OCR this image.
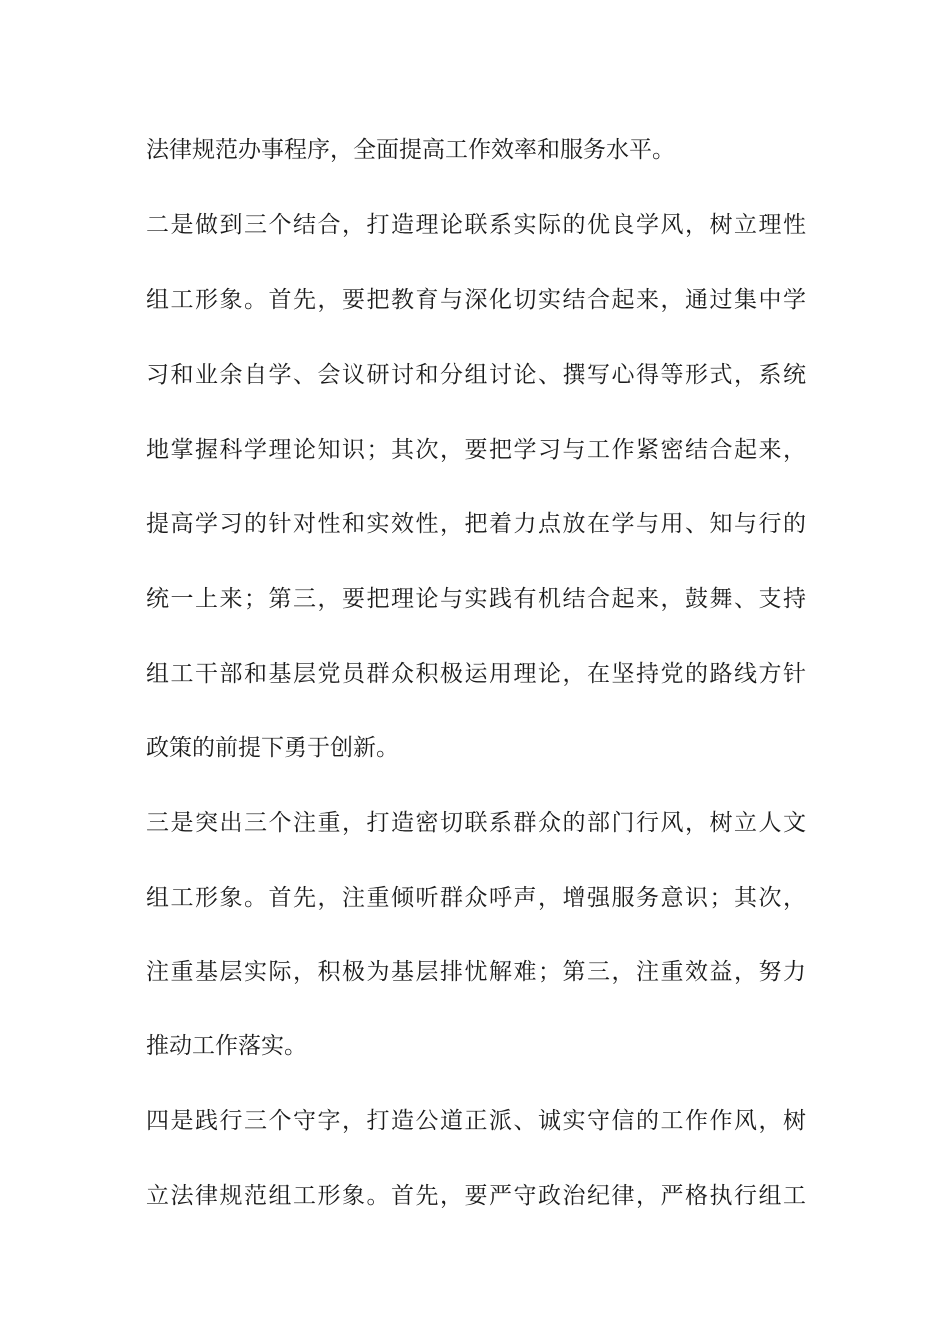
法律规范办事程序，全面提高工作效率和服务水平。
二是做到三个结合，打造理论联系实际的优良学风，树立理性
组工形象。首先，要把教育与深化切实结合起来，通过集中学
习和业余自学、会议研讨和分组讨论、撰写心得等形式，系统
地掌握科学理论知识；其次，要把学习与工作紧密结合起来，
提高学习的针对性和实效性，把着力点放在学与用、知与行的
统一上来；第三，要把理论与实践有机结合起来，鼓舞、支持
组工干部和基层党员群众积极运用理论，在坚持党的路线方针
政策的前提下勇于创新。
三是突出三个注重，打造密切联系群众的部门行风，树立人文
组工形象。首先，注重倾听群众呼声，增强服务意识；其次，
注重基层实际，积极为基层排忧解难；第三，注重效益，努力
推动工作落实。
四是践行三个守字，打造公道正派、诚实守信的工作作风，树
立法律规范组工形象。首先，要严守政治纪律，严格执行组工
